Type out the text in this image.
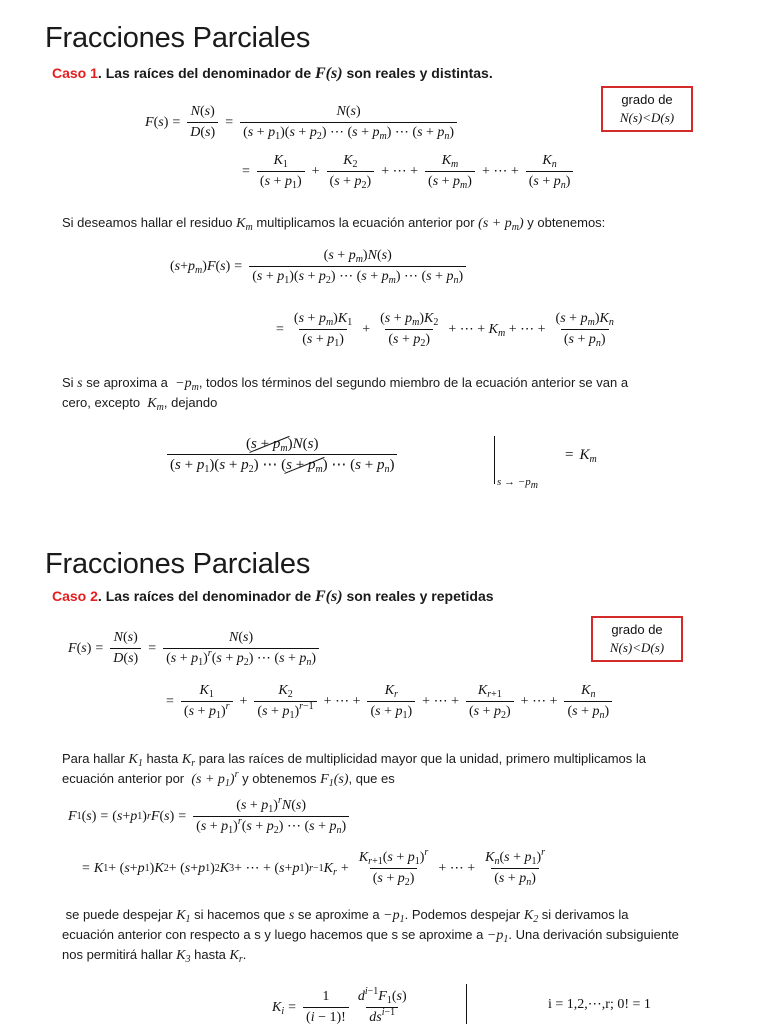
Fracciones Parciales
Caso 1. Las raíces del denominador de F(s) son reales y distintas.
grado de
N(s)<D(s)
F ( s ) = $\frac{N(s)}{D(s)} = \frac{N(s)}{(s + p_1)(s + p_2) \cdots (s + p_m) \cdots (s + p_n)}$
= $\frac{K_1}{(s + p_1)} + \frac{K_2}{(s + p_2)}$ + ⋯ + $\frac{K_m}{(s + p_m)}$ + ⋯ + $\frac{K_n}{(s + p_n)}$
Si deseamos hallar el residuo $K_m$ multiplicamos la ecuación anterior por $(s + p_m)$ y obtenemos:
( $s + p_m$ ) F ( s ) = $\frac{(s + p_m)N(s)}{(s + p_1)(s + p_2) \cdots (s + p_m) \cdots (s + p_n)}$
= $\frac{(s + p_m)K_1}{(s + p_1)} + \frac{(s + p_m)K_2}{(s + p_2)}$ + ⋯ + $K_m$ + ⋯ + $\frac{(s + p_m)K_n}{(s + p_n)}$
Si s se aproxima $a -p_m$, todos los términos del segundo miembro de la ecuación anterior se van a
cero, excepto  $K_m$, dejando
$\frac{(s + p_m)N(s)}{(s + p_1)(s + p_2) \cdots (s + p_m) \cdots (s + p_n)}$
$s \to -p_m$
= $K_m$
Fracciones Parciales
Caso 2. Las raíces del denominador de F(s) son reales y repetidas
grado de
N(s)<D(s)
F ( s ) = $\frac{N(s)}{D(s)} = \frac{N(s)}{(s + p_1)^r(s + p_2) \cdots (s + p_n)}$
= $\frac{K_1}{(s + p_1)^r} + \frac{K_2}{(s + p_1)^{r-1}}$ + ⋯ + $\frac{K_r}{(s + p_1)}$ + ⋯ + $\frac{K_{r+1}}{(s + p_2)}$ + ⋯ + $\frac{K_n}{(s + p_n)}$
Para hallar $K_1$ hasta $K_r$ para las raíces de multiplicidad mayor que la unidad, primero multiplicamos la
ecuación anterior por  $(s + p_1)^r$ y obtenemos $F_1(s)$, que es
F 1 ( s ) = ( s + p 1 ) r F ( s ) = $\frac{(s + p_1)^rN(s)}{(s + p_1)^r(s + p_2) \cdots (s + p_n)}$
= K 1 + ( s + p 1 ) K 2 + ( s + p 1 ) 2 K 3 + ⋯ + ( s + p 1 ) r−1 $K_r + \frac{K_{r+1}(s + p_1)^r}{(s + p_2)}$ + ⋯ + $\frac{K_n(s + p_1)^r}{(s + p_n)}$
se puede despejar $K_1$ si hacemos que s se aproxime $a -p_1$. Podemos despejar $K_2$ si derivamos la
ecuación anterior con respecto a s y luego hacemos que s se aproxime $a -p_1$. Una derivación subsiguiente
nos permitirá hallar $K_3$ hasta $K_r$.
$K_i = \frac{1}{(i - 1)!} \frac{d^{i-1}F_1(s)}{ds^{i-1}}$	i = 1,2,⋯,r; 0! = 1
